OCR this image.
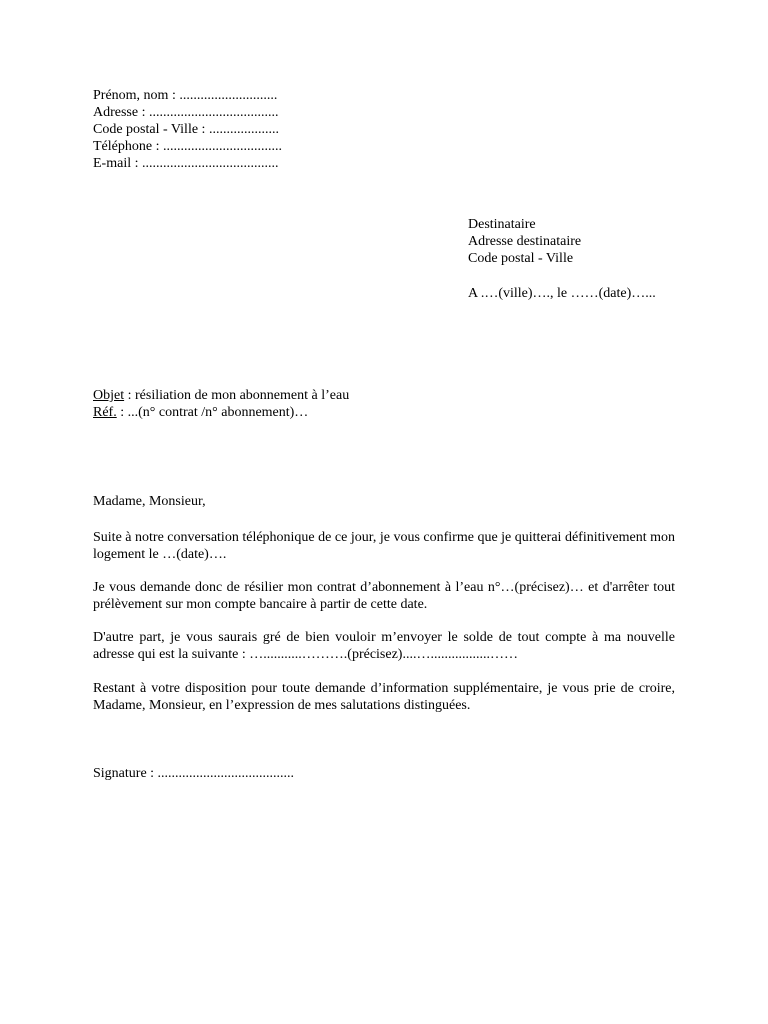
Prénom, nom : ............................
Adresse : .....................................
Code postal - Ville : ....................
Téléphone : ..................................
E-mail : .......................................
Destinataire
Adresse destinataire
Code postal - Ville
A .…(ville)…., le ……(date)…...
Objet : résiliation de mon abonnement à l’eau
Réf. : ...(n° contrat /n° abonnement)…
Madame, Monsieur,

Suite à notre conversation téléphonique de ce jour, je vous confirme que je quitterai définitivement mon logement le …(date)….

Je vous demande donc de résilier mon contrat d’abonnement à l’eau n°…(précisez)… et d'arrêter tout prélèvement sur mon compte bancaire à partir de cette date.

D'autre part, je vous saurais gré de bien vouloir m’envoyer le solde de tout compte à ma nouvelle adresse qui est la suivante : …...........……….(précisez)....….................……

Restant à votre disposition pour toute demande d’information supplémentaire, je vous prie de croire, Madame, Monsieur, en l’expression de mes salutations distinguées.

Signature : .......................................
